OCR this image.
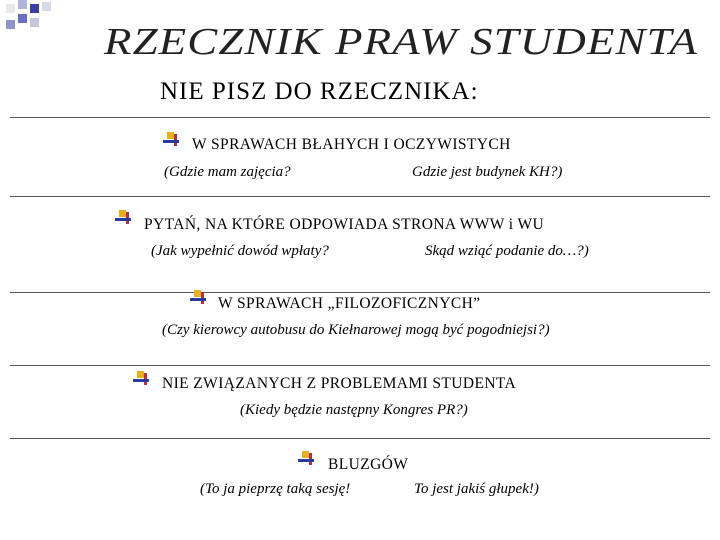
RZECZNIK PRAW STUDENTA
NIE PISZ DO RZECZNIKA:
W SPRAWACH BŁAHYCH I OCZYWISTYCH
(Gdzie mam zajęcia?	Gdzie jest budynek KH?)
PYTAŃ, NA KTÓRE ODPOWIADA STRONA WWW i WU
(Jak wypełnić dowód wpłaty?	Skąd wziąć podanie do…?)
W SPRAWACH „FILOZOFICZNYCH”
(Czy kierowcy autobusu do Kiełnarowej mogą być pogodniejsi?)
NIE ZWIĄZANYCH Z PROBLEMAMI STUDENTA
(Kiedy będzie następny Kongres PR?)
BLUZGÓW
(To ja pieprzę taką sesję!	To jest jakiś głupek!)
